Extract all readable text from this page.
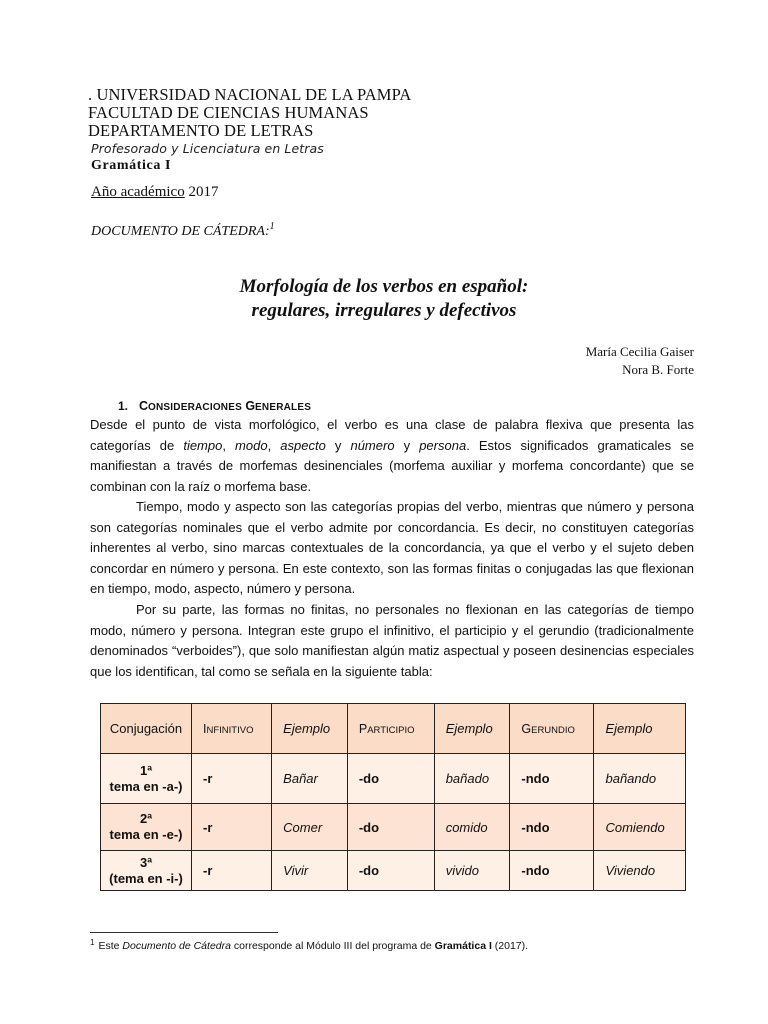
. UNIVERSIDAD NACIONAL DE LA PAMPA
FACULTAD DE CIENCIAS HUMANAS
DEPARTAMENTO DE LETRAS
Profesorado y Licenciatura en Letras
Gramática I
Año académico 2017
DOCUMENTO DE CÁTEDRA:$^1$
Morfología de los verbos en español:
regulares, irregulares y defectivos
María Cecilia Gaiser
Nora B. Forte
1. CONSIDERACIONES GENERALES
Desde el punto de vista morfológico, el verbo es una clase de palabra flexiva que presenta las categorías de tiempo, modo, aspecto y número y persona. Estos significados gramaticales se manifiestan a través de morfemas desinenciales (morfema auxiliar y morfema concordante) que se combinan con la raíz o morfema base.
Tiempo, modo y aspecto son las categorías propias del verbo, mientras que número y persona son categorías nominales que el verbo admite por concordancia. Es decir, no constituyen categorías inherentes al verbo, sino marcas contextuales de la concordancia, ya que el verbo y el sujeto deben concordar en número y persona. En este contexto, son las formas finitas o conjugadas las que flexionan en tiempo, modo, aspecto, número y persona.
Por su parte, las formas no finitas, no personales no flexionan en las categorías de tiempo modo, número y persona. Integran este grupo el infinitivo, el participio y el gerundio (tradicionalmente denominados “verboides”), que solo manifiestan algún matiz aspectual y poseen desinencias especiales que los identifican, tal como se señala en la siguiente tabla:
Conjugación	INFINITIVO	Ejemplo	PARTICIPIO	Ejemplo	GERUNDIO	Ejemplo

1ª
tema en -a-)	-r	Bañar	-do	bañado	-ndo	bañando

2ª
tema en -e-)	-r	Comer	-do	comido	-ndo	Comiendo

3ª
(tema en -i-)	-r	Vivir	-do	vivido	-ndo	Viviendo
$^1$ Este Documento de Cátedra corresponde al Módulo III del programa de Gramática I (2017).
